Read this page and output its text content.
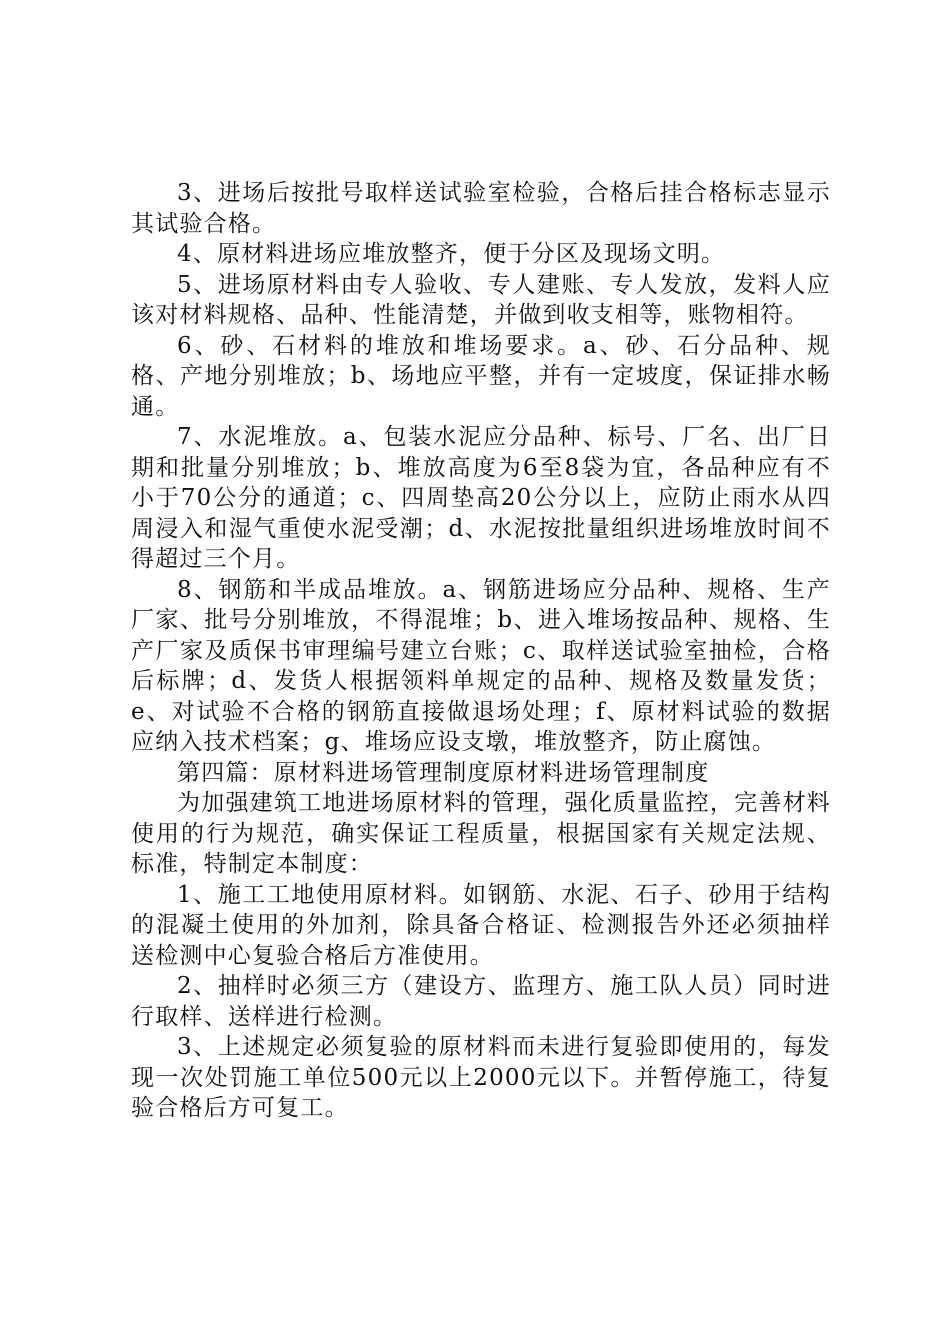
3、进场后按批号取样送试验室检验，合格后挂合格标志显示其试验合格。

4、原材料进场应堆放整齐，便于分区及现场文明。

5、进场原材料由专人验收、专人建账、专人发放，发料人应该对材料规格、品种、性能清楚，并做到收支相等，账物相符。

6、砂、石材料的堆放和堆场要求。a、砂、石分品种、规格、产地分别堆放；b、场地应平整，并有一定坡度，保证排水畅通。

7、水泥堆放。a、包装水泥应分品种、标号、厂名、出厂日期和批量分别堆放；b、堆放高度为6至8袋为宜，各品种应有不小于70公分的通道；c、四周垫高20公分以上，应防止雨水从四周浸入和湿气重使水泥受潮；d、水泥按批量组织进场堆放时间不得超过三个月。

8、钢筋和半成品堆放。a、钢筋进场应分品种、规格、生产厂家、批号分别堆放，不得混堆；b、进入堆场按品种、规格、生产厂家及质保书审理编号建立台账；c、取样送试验室抽检，合格后标牌；d、发货人根据领料单规定的品种、规格及数量发货；e、对试验不合格的钢筋直接做退场处理；f、原材料试验的数据应纳入技术档案；g、堆场应设支墩，堆放整齐，防止腐蚀。

第四篇：原材料进场管理制度原材料进场管理制度

为加强建筑工地进场原材料的管理，强化质量监控，完善材料使用的行为规范，确实保证工程质量，根据国家有关规定法规、标准，特制定本制度：

1、施工工地使用原材料。如钢筋、水泥、石子、砂用于结构的混凝土使用的外加剂，除具备合格证、检测报告外还必须抽样送检测中心复验合格后方准使用。

2、抽样时必须三方（建设方、监理方、施工队人员）同时进行取样、送样进行检测。

3、上述规定必须复验的原材料而未进行复验即使用的，每发现一次处罚施工单位500元以上2000元以下。并暂停施工，待复验合格后方可复工。
